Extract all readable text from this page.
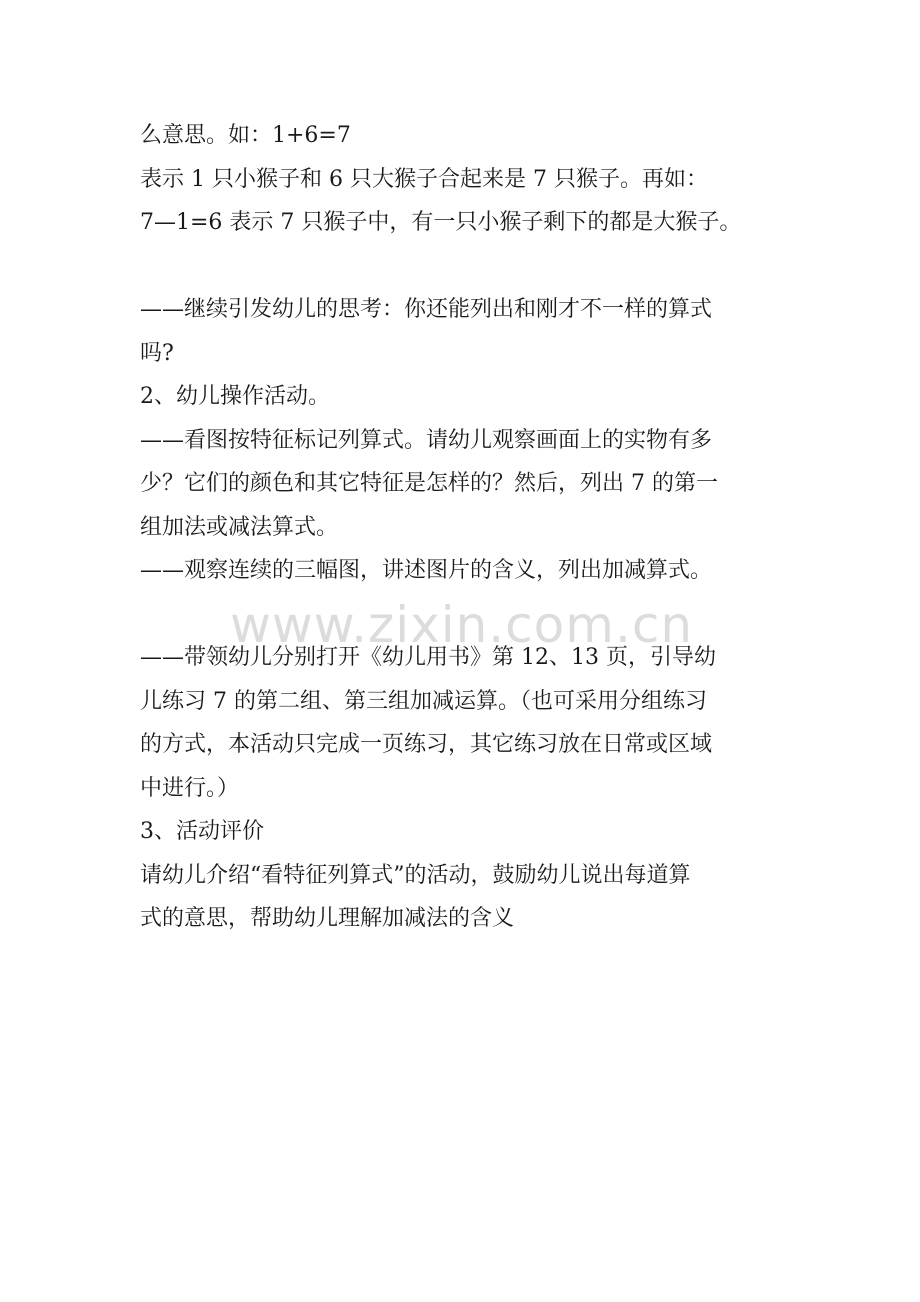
么意思。如：1+6=7
表示 1 只小猴子和 6 只大猴子合起来是 7 只猴子。再如：
7—1=6 表示 7 只猴子中，有一只小猴子剩下的都是大猴子。
——继续引发幼儿的思考：你还能列出和刚才不一样的算式
吗?
2、幼儿操作活动。
——看图按特征标记列算式。请幼儿观察画面上的实物有多
少？它们的颜色和其它特征是怎样的？然后，列出 7 的第一
组加法或减法算式。
——观察连续的三幅图，讲述图片的含义，列出加减算式。
——带领幼儿分别打开《幼儿用书》第 12、13 页，引导幼
儿练习 7 的第二组、第三组加减运算。（也可采用分组练习
的方式，本活动只完成一页练习，其它练习放在日常或区域
中进行。）
3、活动评价
请幼儿介绍“看特征列算式”的活动，鼓励幼儿说出每道算
式的意思，帮助幼儿理解加减法的含义
www.zixin.com.cn
